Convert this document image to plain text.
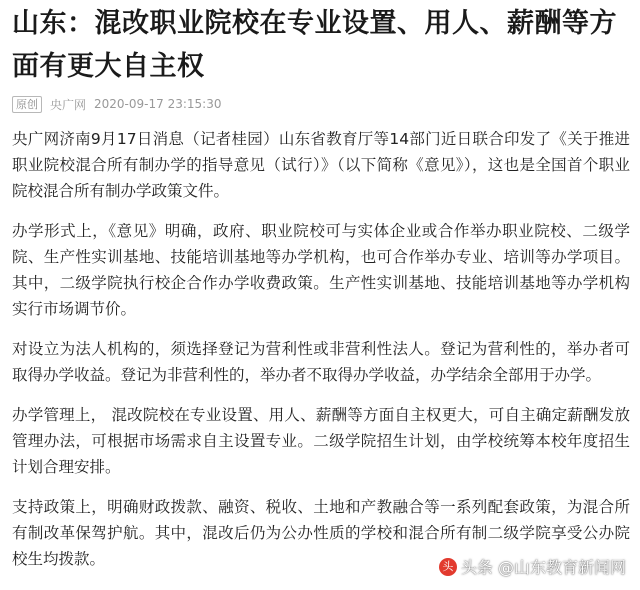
山东：混改职业院校在专业设置、用人、薪酬等方面有更大自主权
原创	央广网 2020-09-17 23:15:30

央广网济南9月17日消息（记者桂园）山东省教育厅等14部门近日联合印发了《关于推进职业院校混合所有制办学的指导意见（试行）》（以下简称《意见》），这也是全国首个职业院校混合所有制办学政策文件。

办学形式上，《意见》明确，政府、职业院校可与实体企业或合作举办职业院校、二级学院、生产性实训基地、技能培训基地等办学机构，也可合作举办专业、培训等办学项目。其中，二级学院执行校企合作办学收费政策。生产性实训基地、技能培训基地等办学机构实行市场调节价。

对设立为法人机构的，须选择登记为营利性或非营利性法人。登记为营利性的，举办者可取得办学收益。登记为非营利性的，举办者不取得办学收益，办学结余全部用于办学。

办学管理上， 混改院校在专业设置、用人、薪酬等方面自主权更大，可自主确定薪酬发放管理办法，可根据市场需求自主设置专业。二级学院招生计划，由学校统筹本校年度招生计划合理安排。

支持政策上，明确财政拨款、融资、税收、土地和产教融合等一系列配套政策，为混合所有制改革保驾护航。其中，混改后仍为公办性质的学校和混合所有制二级学院享受公办院校生均拨款。	头 头条 @山东教育新闻网
